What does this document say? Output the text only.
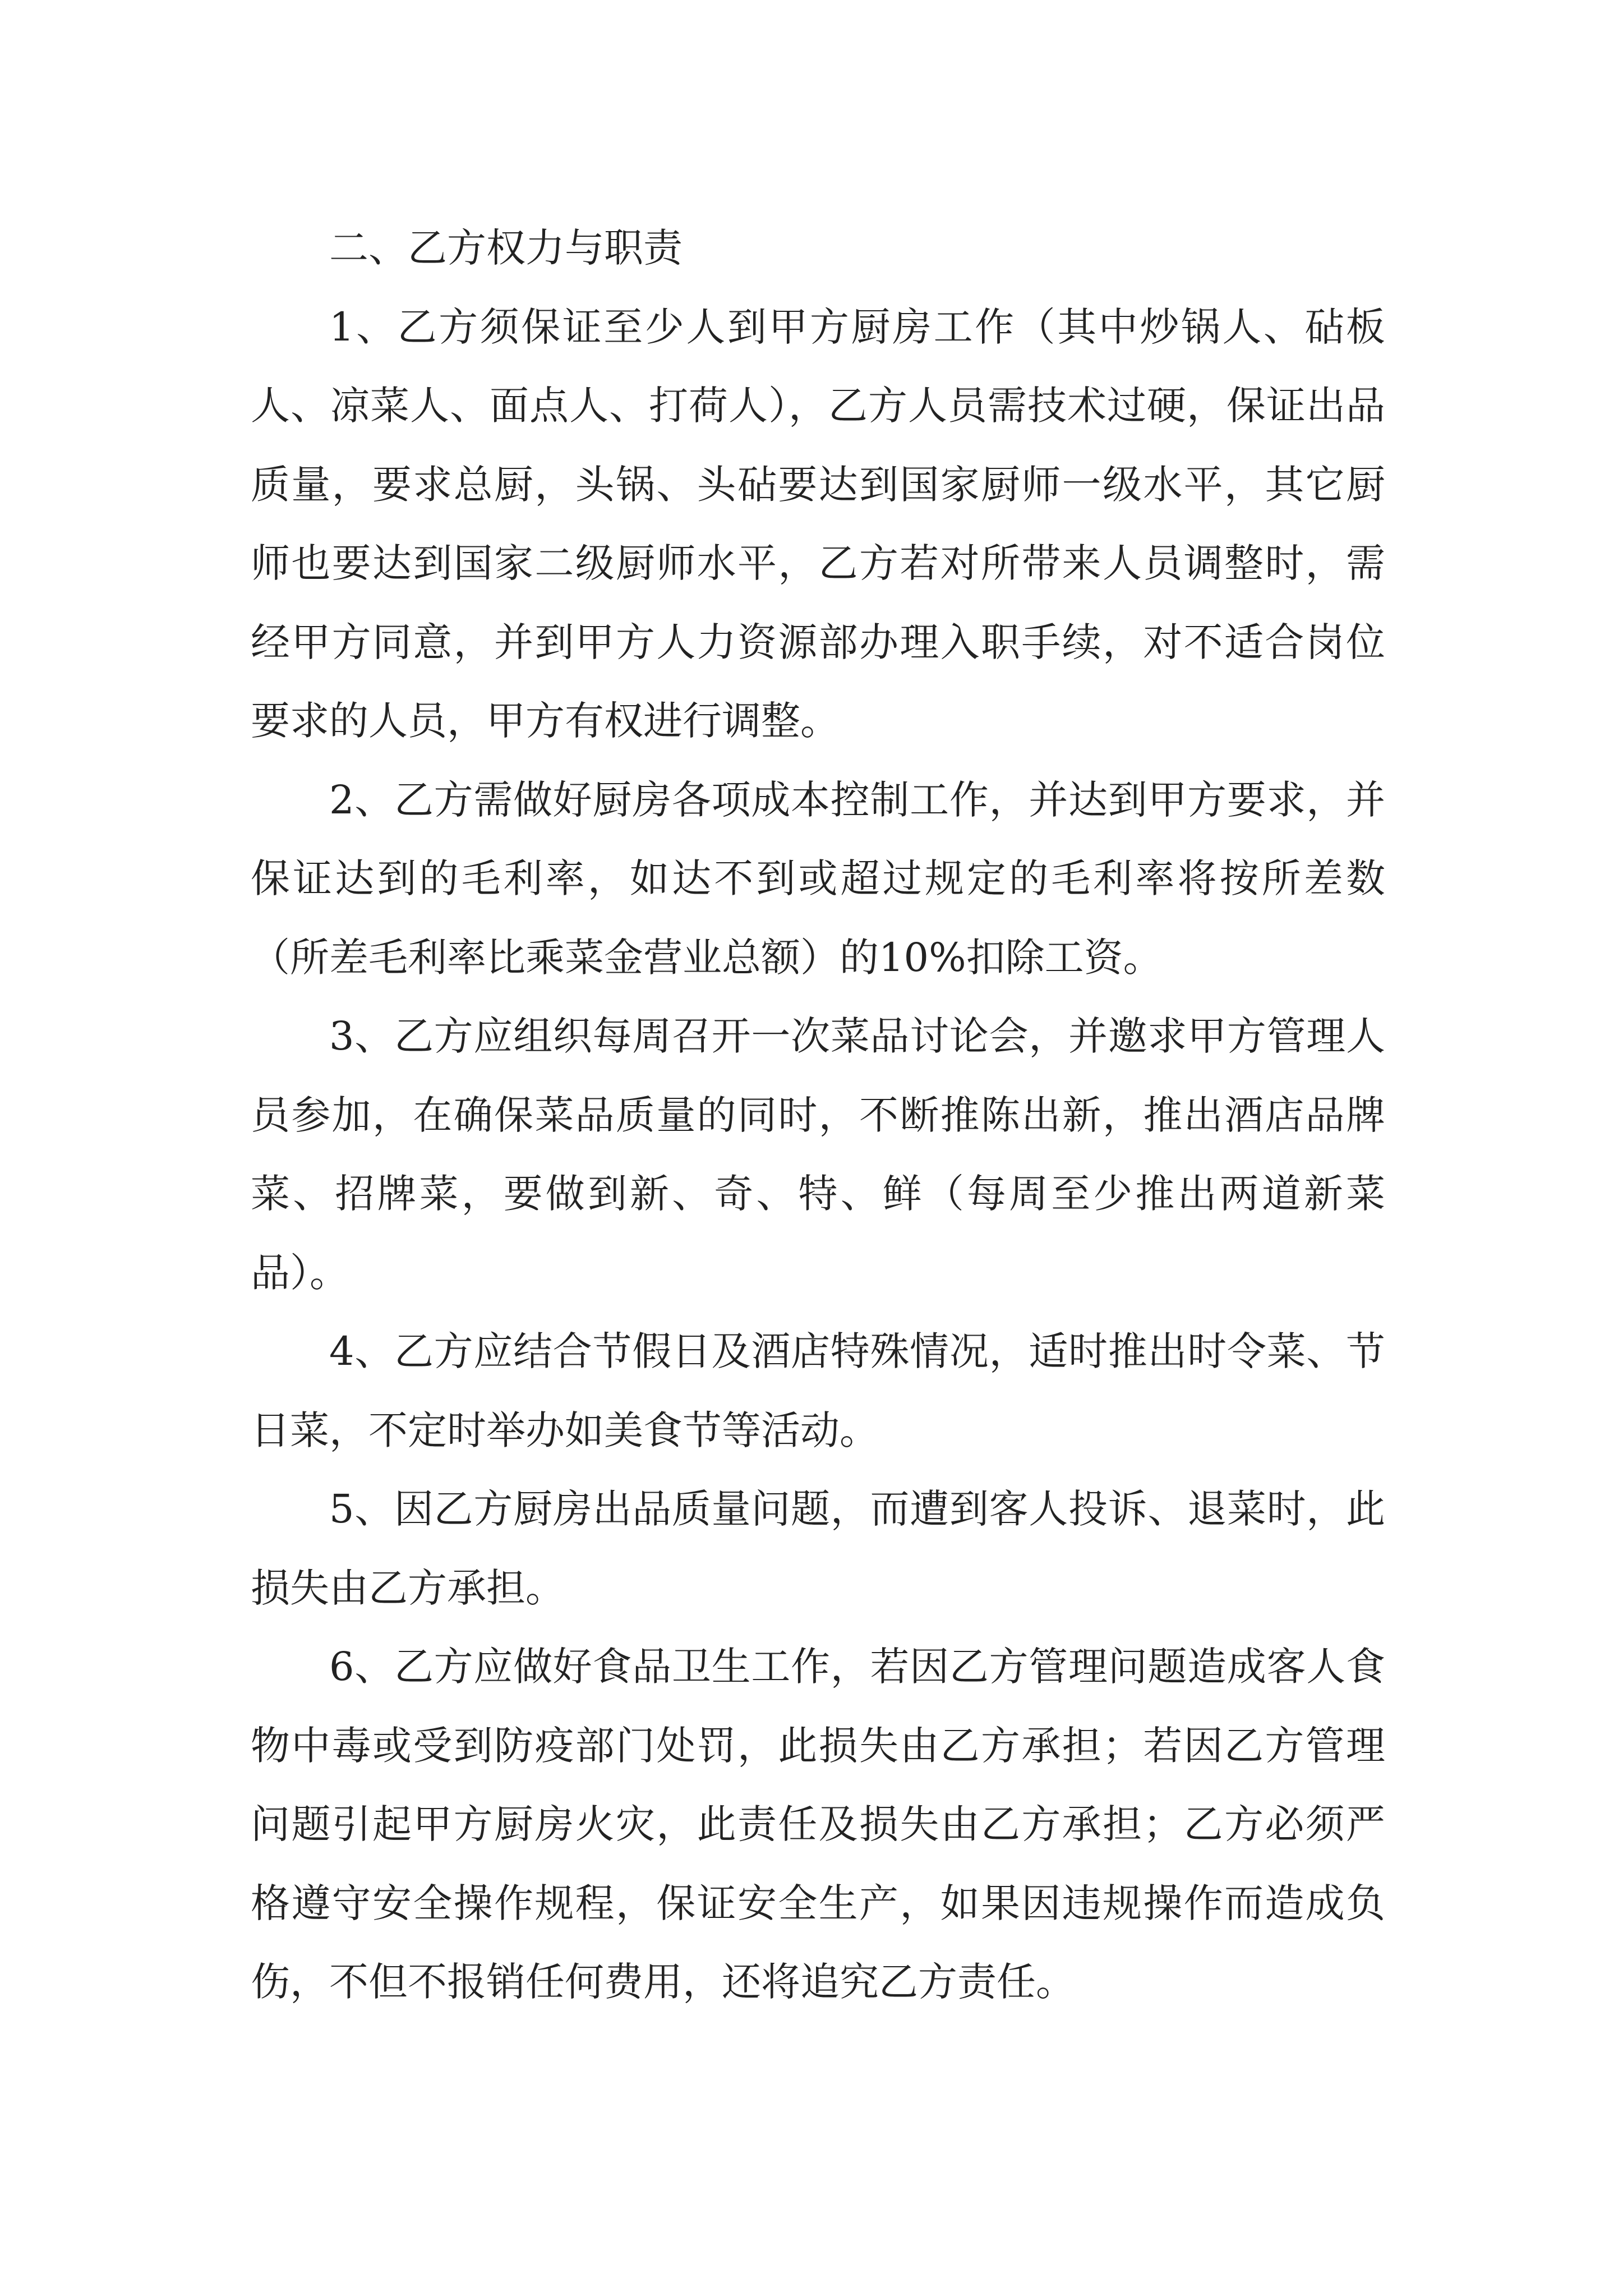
二、乙方权力与职责

1、乙方须保证至少人到甲方厨房工作（其中炒锅人、砧板人、凉菜人、面点人、打荷人），乙方人员需技术过硬，保证出品质量，要求总厨，头锅、头砧要达到国家厨师一级水平，其它厨师也要达到国家二级厨师水平，乙方若对所带来人员调整时，需经甲方同意，并到甲方人力资源部办理入职手续，对不适合岗位要求的人员，甲方有权进行调整。

2、乙方需做好厨房各项成本控制工作，并达到甲方要求，并保证达到的毛利率，如达不到或超过规定的毛利率将按所差数（所差毛利率比乘菜金营业总额）的10%扣除工资。

3、乙方应组织每周召开一次菜品讨论会，并邀求甲方管理人员参加，在确保菜品质量的同时，不断推陈出新，推出酒店品牌菜、招牌菜，要做到新、奇、特、鲜（每周至少推出两道新菜品）。

4、乙方应结合节假日及酒店特殊情况，适时推出时令菜、节日菜，不定时举办如美食节等活动。

5、因乙方厨房出品质量问题，而遭到客人投诉、退菜时，此损失由乙方承担。

6、乙方应做好食品卫生工作，若因乙方管理问题造成客人食物中毒或受到防疫部门处罚，此损失由乙方承担；若因乙方管理问题引起甲方厨房火灾，此责任及损失由乙方承担；乙方必须严格遵守安全操作规程，保证安全生产，如果因违规操作而造成负伤，不但不报销任何费用，还将追究乙方责任。
